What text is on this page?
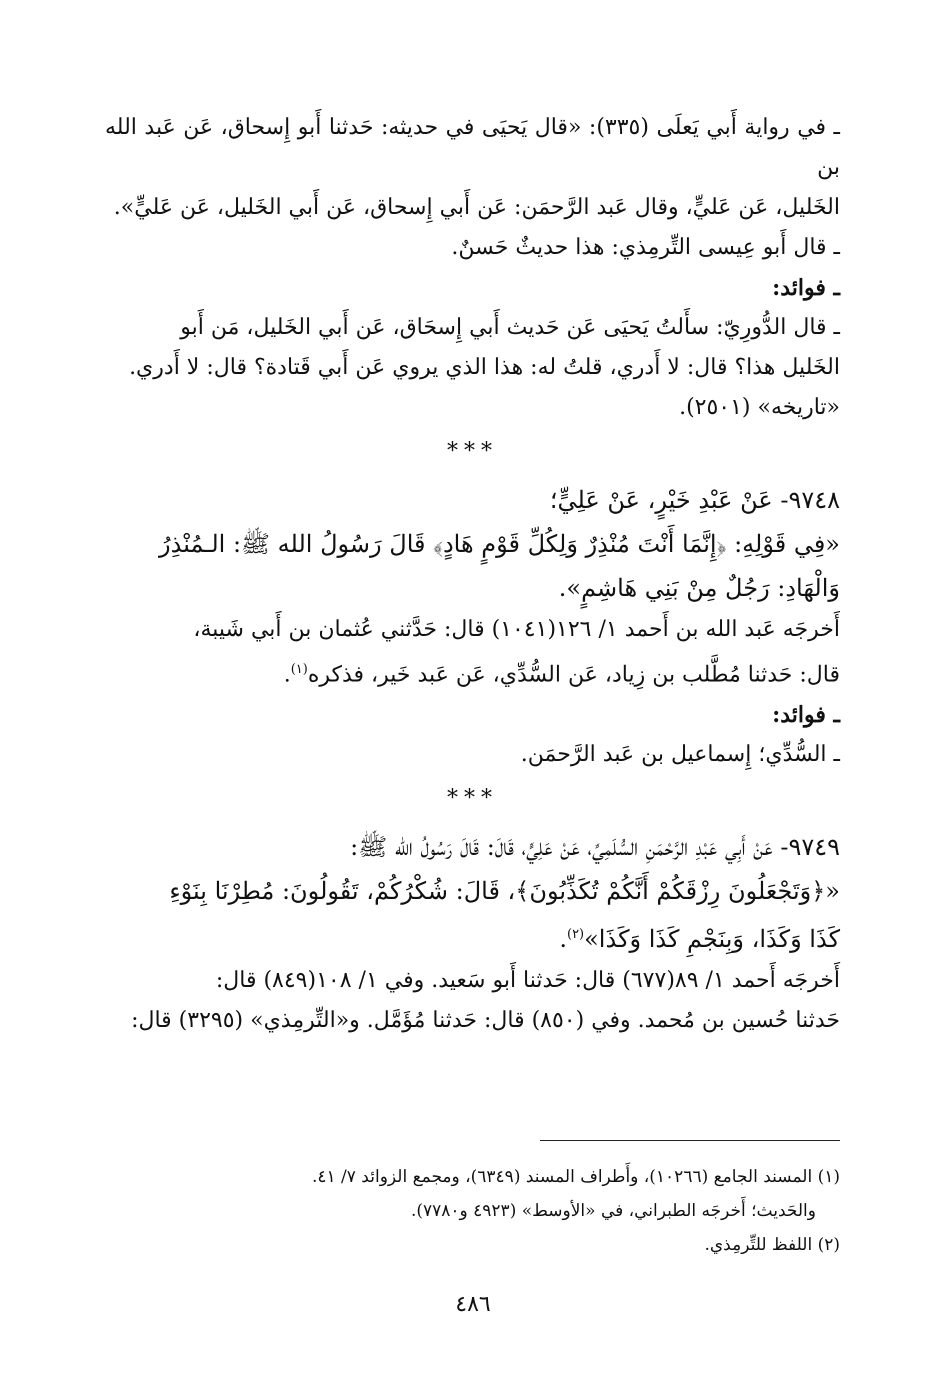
ـ في رواية أَبي يَعلَى (٣٣٥): «قال يَحيَى في حديثه: حَدثنا أَبو إِسحاق، عَن عَبد الله بن

الخَليل، عَن عَليٍّ، وقال عَبد الرَّحمَن: عَن أَبي إِسحاق، عَن أَبي الخَليل، عَن عَليٍّ».

ـ قال أَبو عِيسى التِّرمِذي: هذا حديثٌ حَسنٌ.

ـ فوائد:

ـ قال الدُّورِيّ: سأَلتُ يَحيَى عَن حَديث أَبي إِسحَاق، عَن أَبي الخَليل، مَن أَبو

الخَليل هذا؟ قال: لا أَدري، قلتُ له: هذا الذي يروي عَن أَبي قَتادة؟ قال: لا أَدري.

«تاريخه» (٢٥٠١).

***

٩٧٤٨- عَنْ عَبْدِ خَيْرٍ، عَنْ عَلِيٍّ؛

«فِي قَوْلِهِ: ﴿إِنَّمَا أَنْتَ مُنْذِرٌ وَلِكُلِّ قَوْمٍ هَادٍ﴾ قَالَ رَسُولُ الله ﷺ: الـمُنْذِرُ

وَالْهَادِ: رَجُلٌ مِنْ بَنِي هَاشِمٍ».

أَخرجَه عَبد الله بن أَحمد ١/ ١٢٦(١٠٤١) قال: حَدَّثني عُثمان بن أَبي شَيبة،

قال: حَدثنا مُطَّلب بن زِياد، عَن السُّدِّي، عَن عَبد خَير، فذكره$^{(١)}$.

ـ فوائد:

ـ السُّدِّي؛ إِسماعيل بن عَبد الرَّحمَن.

***

٩٧٤٩- عَنْ أَبِي عَبْدِ الرَّحْمَنِ السُّلَمِيِّ، عَنْ عَلِيٍّ، قَالَ: قَالَ رَسُولُ الله ﷺ:

«﴿وَتَجْعَلُونَ رِزْقَكُمْ أَنَّكُمْ تُكَذِّبُونَ﴾، قَالَ: شُكْرُكُمْ، تَقُولُونَ: مُطِرْنَا بِنَوْءِ

كَذَا وَكَذَا، وَبِنَجْمِ كَذَا وَكَذَا»$^{(٢)}$.

أَخرجَه أَحمد ١/ ٨٩(٦٧٧) قال: حَدثنا أَبو سَعيد. وفي ١/ ١٠٨(٨٤٩) قال:

حَدثنا حُسين بن مُحمد. وفي (٨٥٠) قال: حَدثنا مُؤَمَّل. و«التِّرمِذي» (٣٢٩٥) قال:

(١) المسند الجامع (١٠٢٦٦)، وأَطراف المسند (٦٣٤٩)، ومجمع الزوائد ٧/ ٤١.

والحَديث؛ أَخرجَه الطبراني، في «الأوسط» (٤٩٢٣ و٧٧٨٠).

(٢) اللفظ للتِّرمِذي.

٤٨٦
